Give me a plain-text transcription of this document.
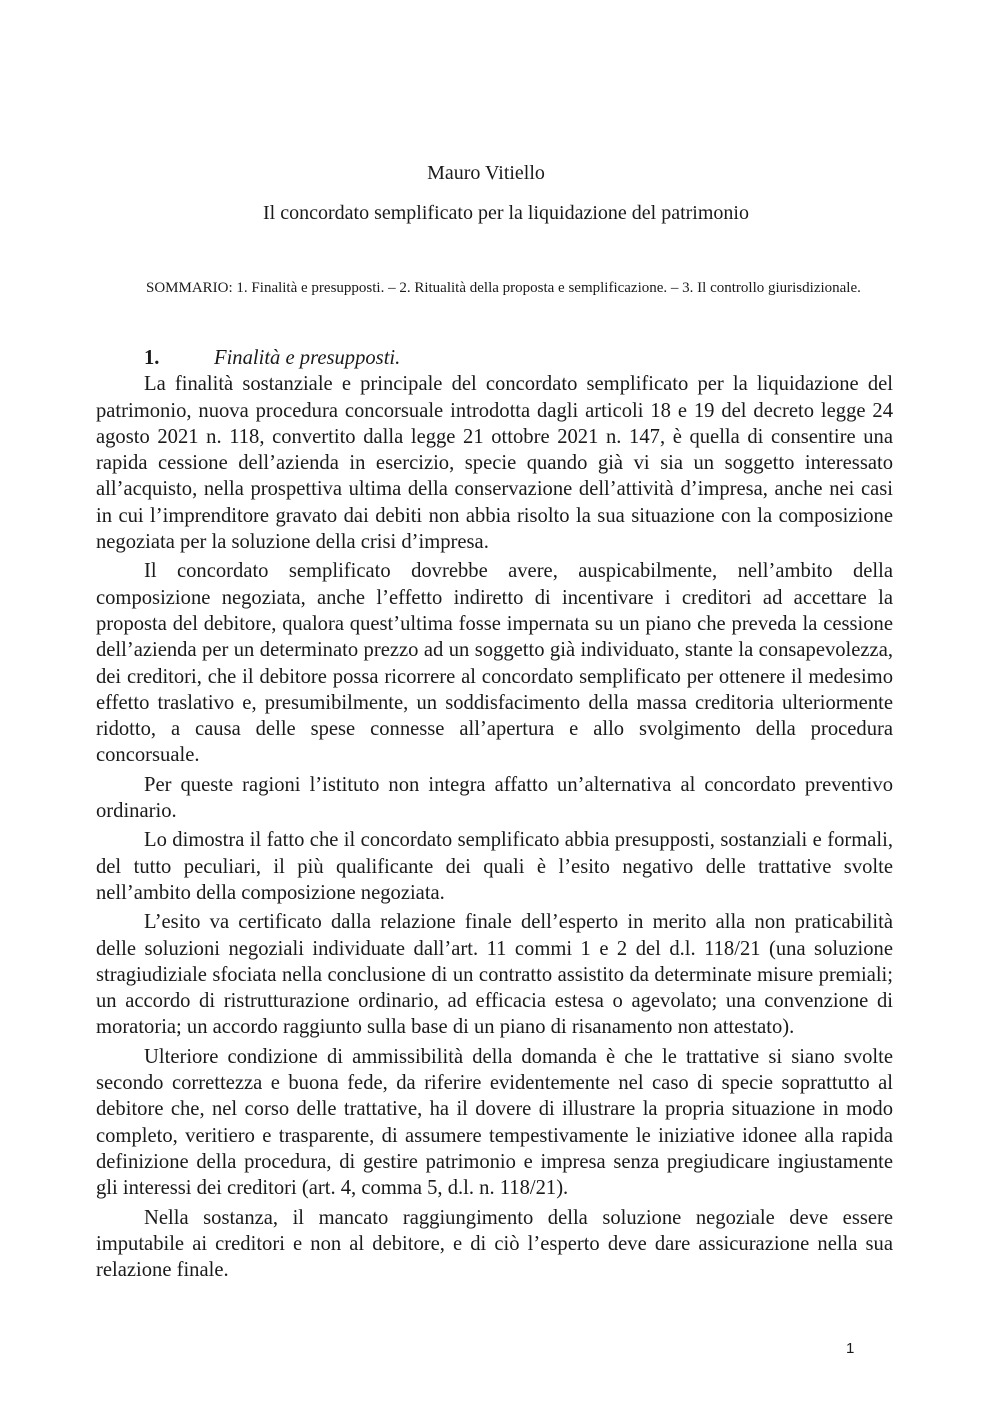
Mauro Vitiello
Il concordato semplificato per la liquidazione del patrimonio
SOMMARIO: 1. Finalità e presupposti. – 2. Ritualità della proposta e semplificazione. – 3. Il controllo giurisdizionale.
1.	Finalità e presupposti.

La finalità sostanziale e principale del concordato semplificato per la liquidazione del patrimonio, nuova procedura concorsuale introdotta dagli articoli 18 e 19 del decreto legge 24 agosto 2021 n. 118, convertito dalla legge 21 ottobre 2021 n. 147, è quella di consentire una rapida cessione dell’azienda in esercizio, specie quando già vi sia un soggetto interessato all’acquisto, nella prospettiva ultima della conservazione dell’attività d’impresa, anche nei casi in cui l’imprenditore gravato dai debiti non abbia risolto la sua situazione con la composizione negoziata per la soluzione della crisi d’impresa.

Il concordato semplificato dovrebbe avere, auspicabilmente, nell’ambito della composizione negoziata, anche l’effetto indiretto di incentivare i creditori ad accettare la proposta del debitore, qualora quest’ultima fosse impernata su un piano che preveda la cessione dell’azienda per un determinato prezzo ad un soggetto già individuato, stante la consapevolezza, dei creditori, che il debitore possa ricorrere al concordato semplificato per ottenere il medesimo effetto traslativo e, presumibilmente, un soddisfacimento della massa creditoria ulteriormente ridotto, a causa delle spese connesse all’apertura e allo svolgimento della procedura concorsuale.

Per queste ragioni l’istituto non integra affatto un’alternativa al concordato preventivo ordinario.

Lo dimostra il fatto che il concordato semplificato abbia presupposti, sostanziali e formali, del tutto peculiari, il più qualificante dei quali è l’esito negativo delle trattative svolte nell’ambito della composizione negoziata.

L’esito va certificato dalla relazione finale dell’esperto in merito alla non praticabilità delle soluzioni negoziali individuate dall’art. 11 commi 1 e 2 del d.l. 118/21 (una soluzione stragiudiziale sfociata nella conclusione di un contratto assistito da determinate misure premiali; un accordo di ristrutturazione ordinario, ad efficacia estesa o agevolato; una convenzione di moratoria; un accordo raggiunto sulla base di un piano di risanamento non attestato).

Ulteriore condizione di ammissibilità della domanda è che le trattative si siano svolte secondo correttezza e buona fede, da riferire evidentemente nel caso di specie soprattutto al debitore che, nel corso delle trattative, ha il dovere di illustrare la propria situazione in modo completo, veritiero e trasparente, di assumere tempestivamente le iniziative idonee alla rapida definizione della procedura, di gestire patrimonio e impresa senza pregiudicare ingiustamente gli interessi dei creditori (art. 4, comma 5, d.l. n. 118/21).

Nella sostanza, il mancato raggiungimento della soluzione negoziale deve essere imputabile ai creditori e non al debitore, e di ciò l’esperto deve dare assicurazione nella sua relazione finale.

1
